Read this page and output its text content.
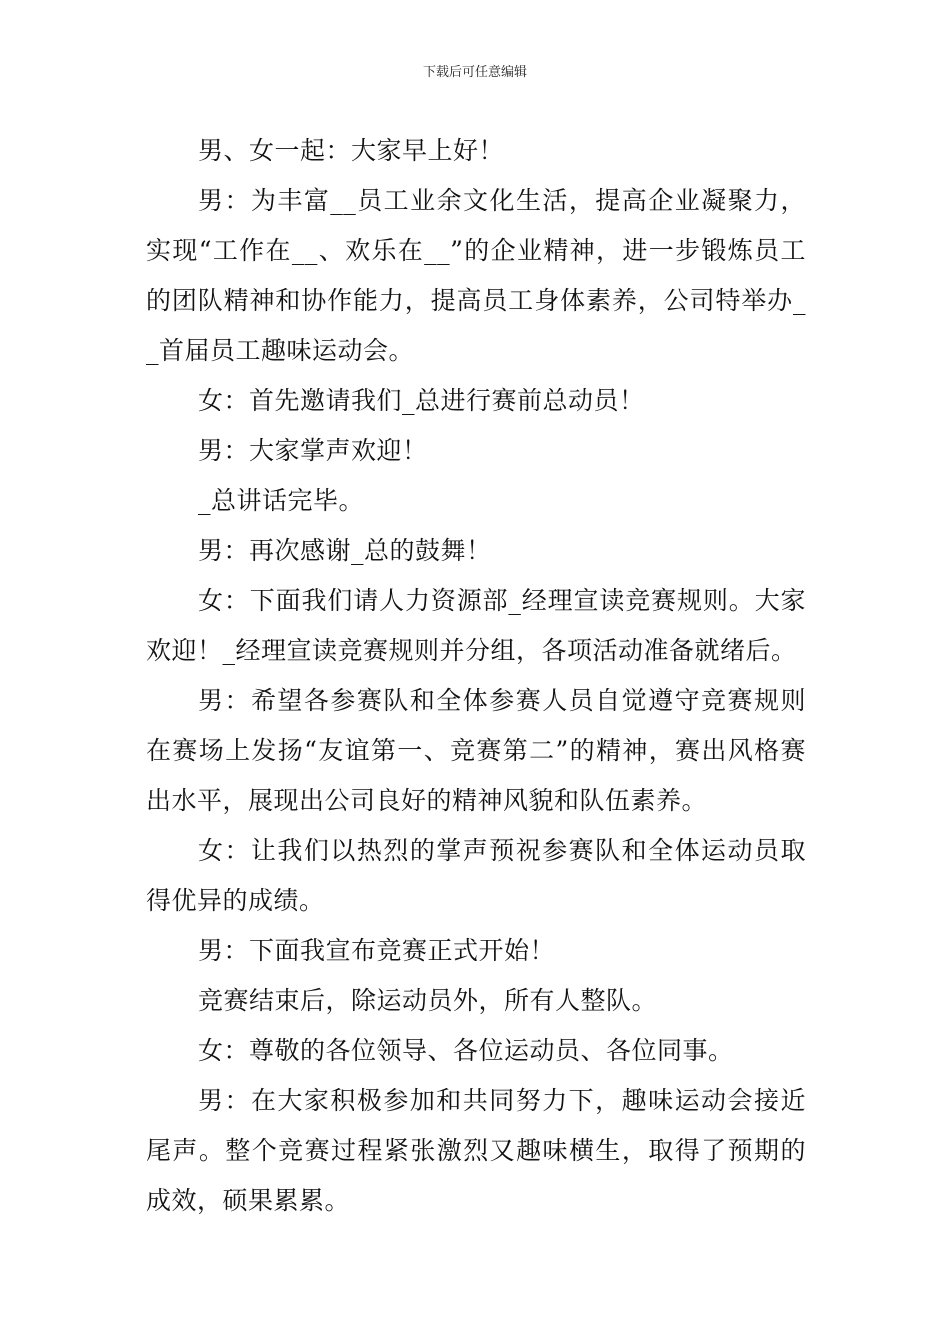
下载后可任意编辑

男、女一起：大家早上好！

男：为丰富__员工业余文化生活，提高企业凝聚力，实现“工作在__、欢乐在__”的企业精神，进一步锻炼员工的团队精神和协作能力，提高员工身体素养，公司特举办__首届员工趣味运动会。

女：首先邀请我们_总进行赛前总动员！

男：大家掌声欢迎！

_总讲话完毕。

男：再次感谢_总的鼓舞！

女：下面我们请人力资源部_经理宣读竞赛规则。大家欢迎！_经理宣读竞赛规则并分组，各项活动准备就绪后。

男：希望各参赛队和全体参赛人员自觉遵守竞赛规则在赛场上发扬“友谊第一、竞赛第二”的精神，赛出风格赛出水平，展现出公司良好的精神风貌和队伍素养。

女：让我们以热烈的掌声预祝参赛队和全体运动员取得优异的成绩。

男：下面我宣布竞赛正式开始！

竞赛结束后，除运动员外，所有人整队。

女：尊敬的各位领导、各位运动员、各位同事。

男：在大家积极参加和共同努力下，趣味运动会接近尾声。整个竞赛过程紧张激烈又趣味横生，取得了预期的成效，硕果累累。
